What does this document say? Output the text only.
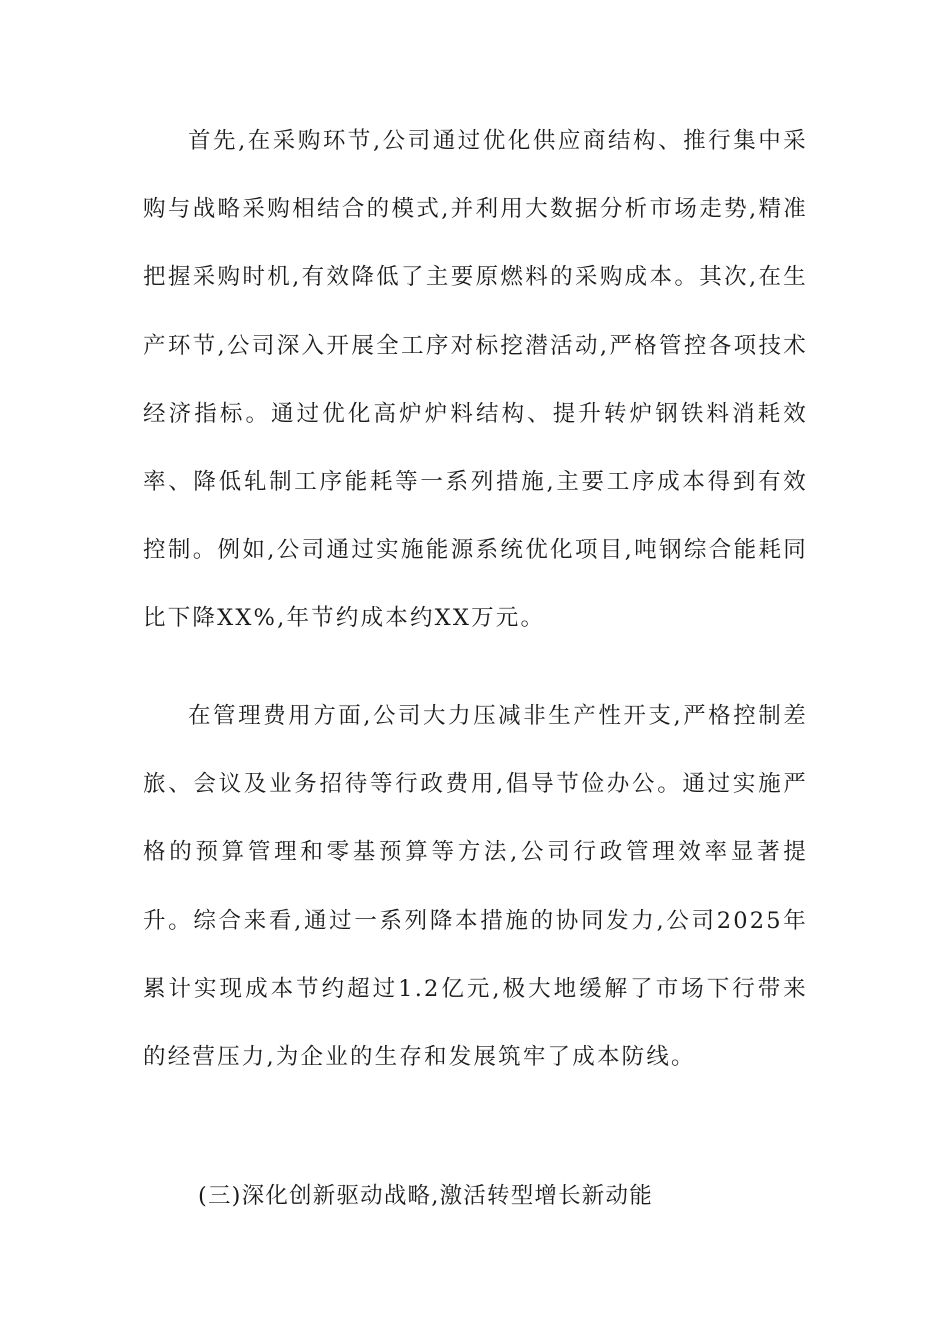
首先,在采购环节,公司通过优化供应商结构、推行集中采购与战略采购相结合的模式,并利用大数据分析市场走势,精准把握采购时机,有效降低了主要原燃料的采购成本。其次,在生产环节,公司深入开展全工序对标挖潜活动,严格管控各项技术经济指标。通过优化高炉炉料结构、提升转炉钢铁料消耗效率、降低轧制工序能耗等一系列措施,主要工序成本得到有效控制。例如,公司通过实施能源系统优化项目,吨钢综合能耗同比下降XX%,年节约成本约XX万元。

在管理费用方面,公司大力压减非生产性开支,严格控制差旅、会议及业务招待等行政费用,倡导节俭办公。通过实施严格的预算管理和零基预算等方法,公司行政管理效率显著提升。综合来看,通过一系列降本措施的协同发力,公司2025年累计实现成本节约超过1.2亿元,极大地缓解了市场下行带来的经营压力,为企业的生存和发展筑牢了成本防线。

(三)深化创新驱动战略,激活转型增长新动能
